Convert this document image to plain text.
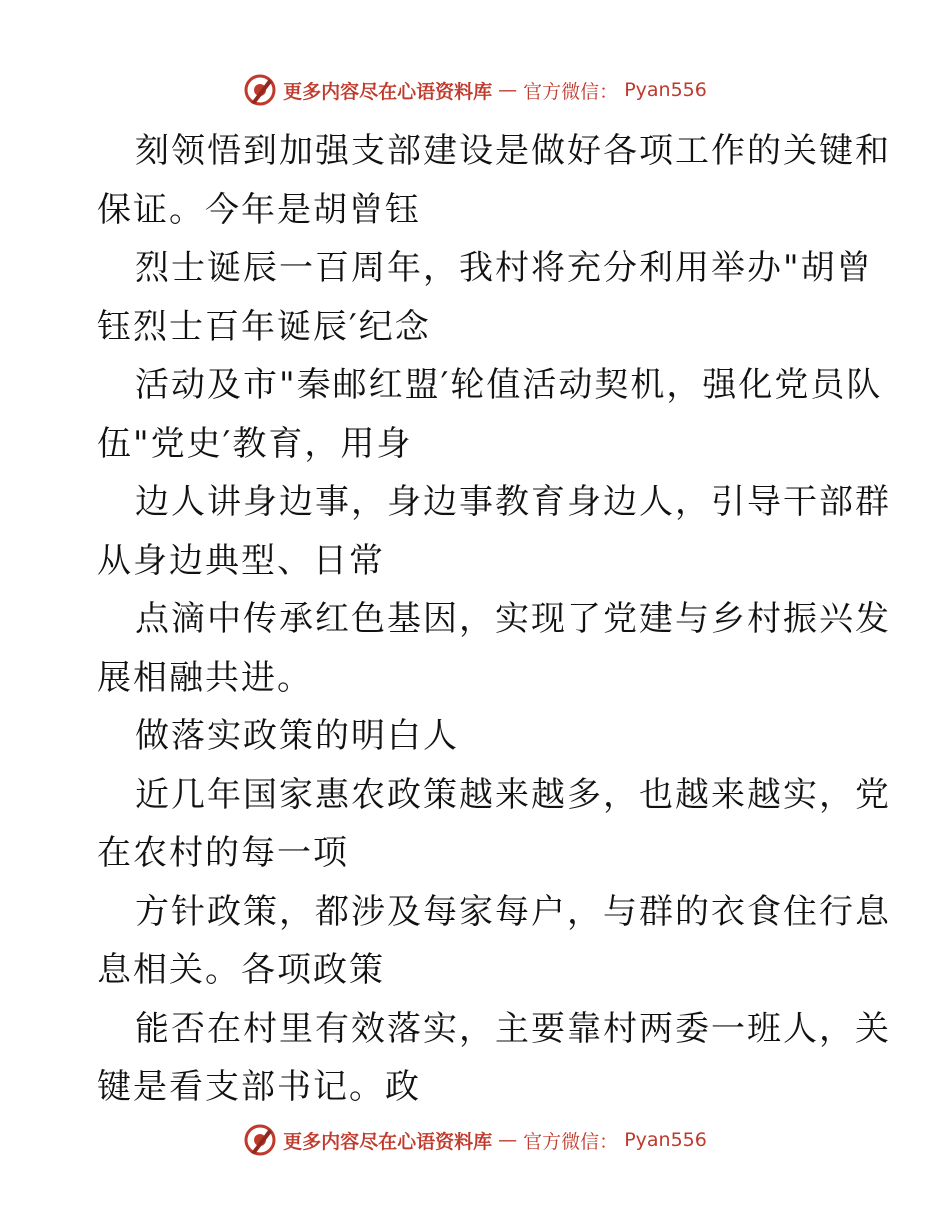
更多内容尽在心语资料库 — 官方微信： Pyan556

刻领悟到加强支部建设是做好各项工作的关键和
保证。今年是胡曾钰

烈士诞辰一百周年，我村将充分利用举办"胡曾
钰烈士百年诞辰′纪念

活动及市"秦邮红盟′轮值活动契机，强化党员队
伍"党史′教育，用身

边人讲身边事，身边事教育身边人，引导干部群
从身边典型、日常

点滴中传承红色基因，实现了党建与乡村振兴发
展相融共进。

做落实政策的明白人

近几年国家惠农政策越来越多，也越来越实，党
在农村的每一项

方针政策，都涉及每家每户，与群的衣食住行息
息相关。各项政策

能否在村里有效落实，主要靠村两委一班人，关
键是看支部书记。政

更多内容尽在心语资料库 — 官方微信： Pyan556
